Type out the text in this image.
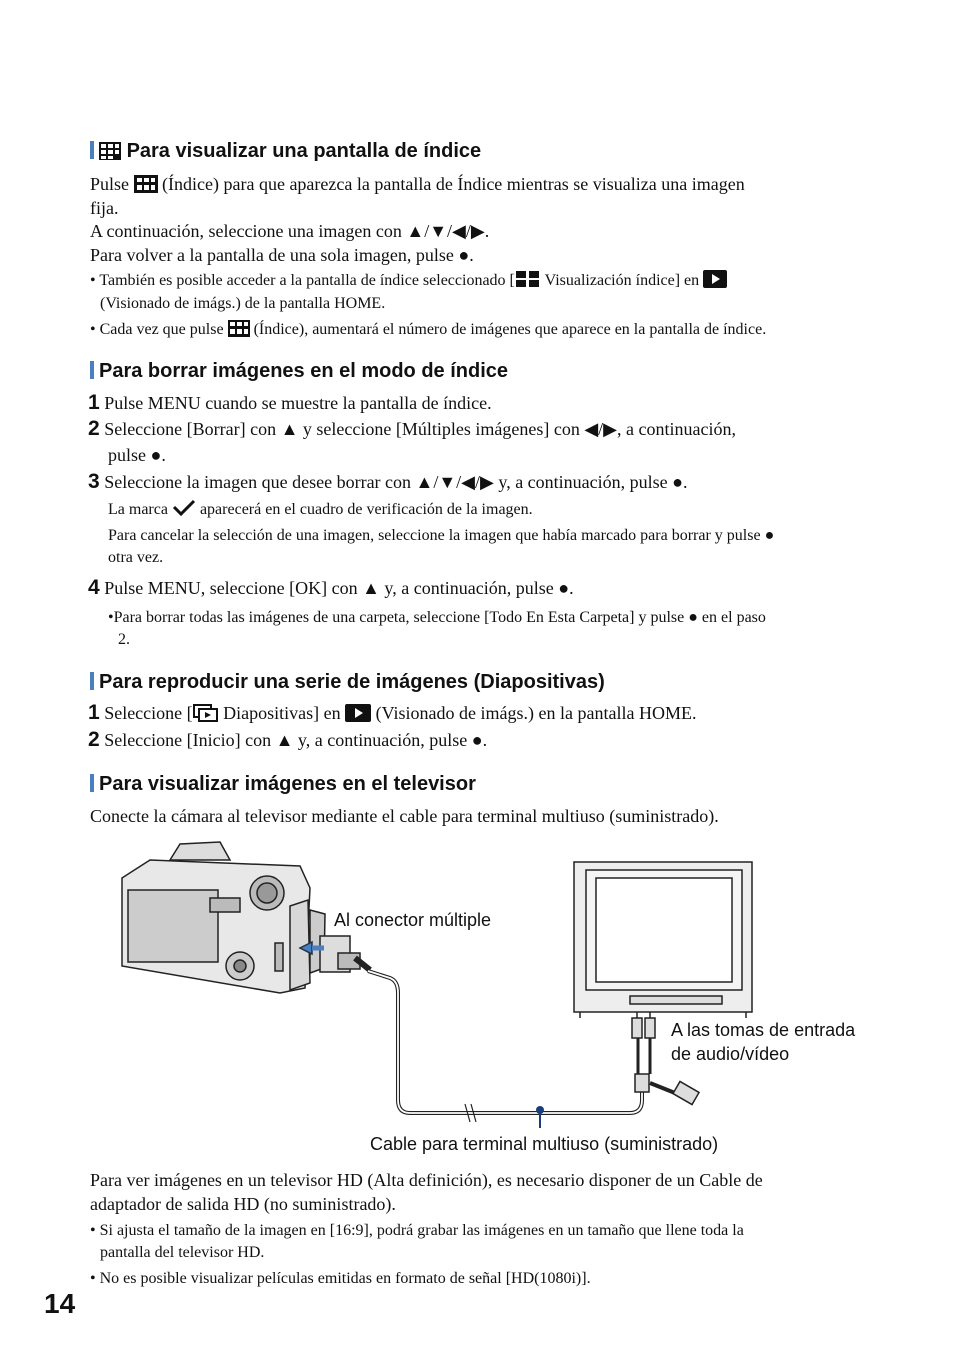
Para visualizar una pantalla de índice
Pulse (Índice) para que aparezca la pantalla de Índice mientras se visualiza una imagen
fija.
A continuación, seleccione una imagen con ▲/▼/◀/▶.
Para volver a la pantalla de una sola imagen, pulse ●.
• También es posible acceder a la pantalla de índice seleccionado [ Visualización índice] en
(Visionado de imágs.) de la pantalla HOME.
• Cada vez que pulse (Índice), aumentará el número de imágenes que aparece en la pantalla de índice.
Para borrar imágenes en el modo de índice
1 Pulse MENU cuando se muestre la pantalla de índice.
2 Seleccione [Borrar] con ▲ y seleccione [Múltiples imágenes] con ◀/▶, a continuación,
pulse ●.
3 Seleccione la imagen que desee borrar con ▲/▼/◀/▶ y, a continuación, pulse ●.
La marca aparecerá en el cuadro de verificación de la imagen.
Para cancelar la selección de una imagen, seleccione la imagen que había marcado para borrar y pulse ●
otra vez.
4 Pulse MENU, seleccione [OK] con ▲ y, a continuación, pulse ●.
•Para borrar todas las imágenes de una carpeta, seleccione [Todo En Esta Carpeta] y pulse ● en el paso
2.
Para reproducir una serie de imágenes (Diapositivas)
1 Seleccione [ Diapositivas] en (Visionado de imágs.) en la pantalla HOME.
2 Seleccione [Inicio] con ▲ y, a continuación, pulse ●.
Para visualizar imágenes en el televisor
Conecte la cámara al televisor mediante el cable para terminal multiuso (suministrado).
Al conector múltiple
A las tomas de entrada
de audio/vídeo
Cable para terminal multiuso (suministrado)
Para ver imágenes en un televisor HD (Alta definición), es necesario disponer de un Cable de
adaptador de salida HD (no suministrado).
• Si ajusta el tamaño de la imagen en [16:9], podrá grabar las imágenes en un tamaño que llene toda la
pantalla del televisor HD.
• No es posible visualizar películas emitidas en formato de señal [HD(1080i)].
14
